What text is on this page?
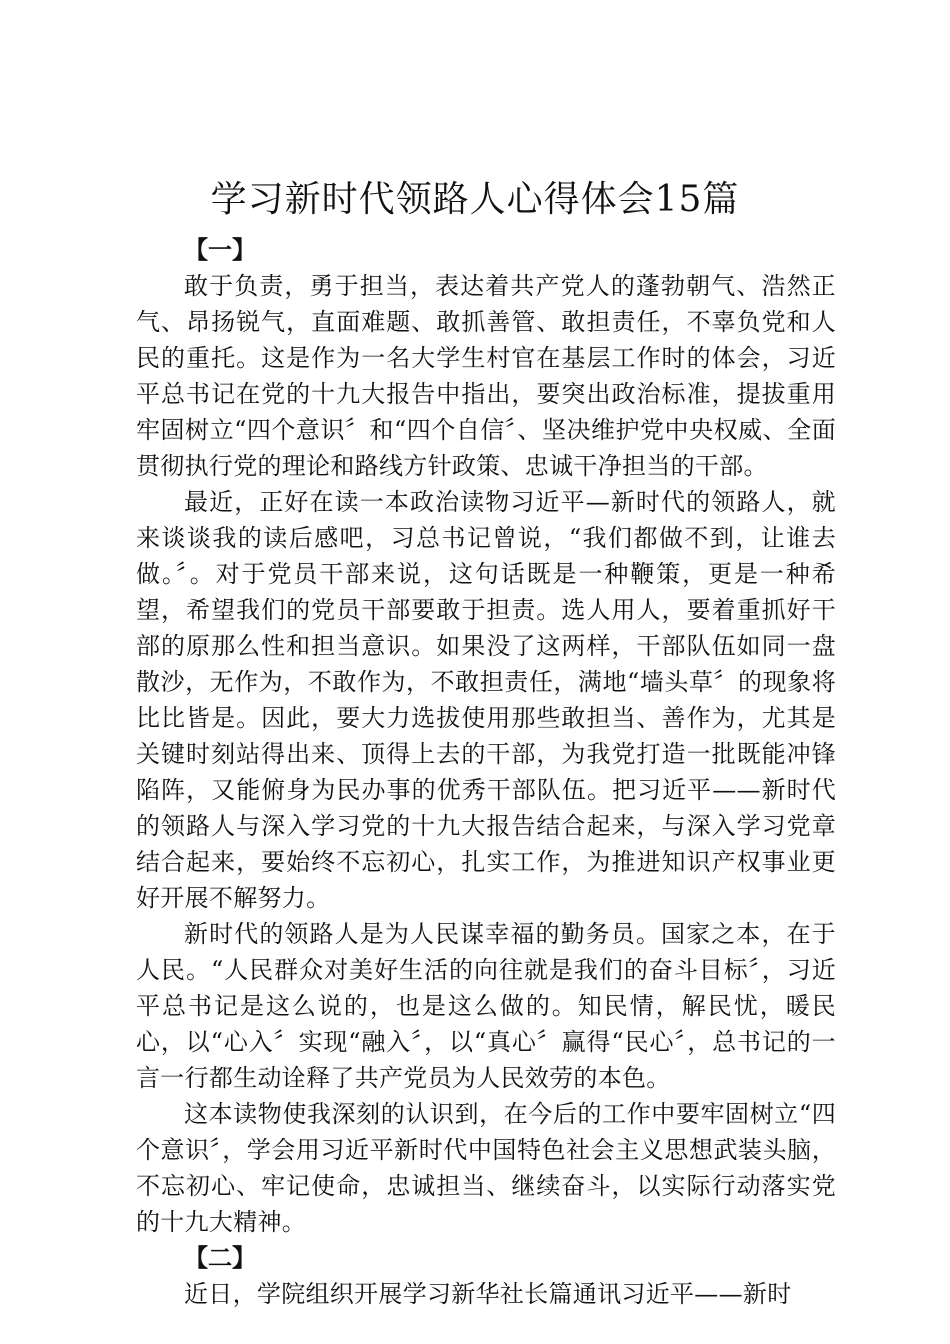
学习新时代领路人心得体会15篇

【一】

敢于负责，勇于担当，表达着共产党人的蓬勃朝气、浩然正气、昂扬锐气，直面难题、敢抓善管、敢担责任，不辜负党和人民的重托。这是作为一名大学生村官在基层工作时的体会，习近平总书记在党的十九大报告中指出，要突出政治标准，提拔重用牢固树立“四个意识〞和“四个自信〞、坚决维护党中央权威、全面贯彻执行党的理论和路线方针政策、忠诚干净担当的干部。

最近，正好在读一本政治读物习近平—新时代的领路人，就来谈谈我的读后感吧，习总书记曾说，“我们都做不到，让谁去做。〞。对于党员干部来说，这句话既是一种鞭策，更是一种希望，希望我们的党员干部要敢于担责。选人用人，要着重抓好干部的原那么性和担当意识。如果没了这两样，干部队伍如同一盘散沙，无作为，不敢作为，不敢担责任，满地“墙头草〞的现象将比比皆是。因此，要大力选拔使用那些敢担当、善作为，尤其是关键时刻站得出来、顶得上去的干部，为我党打造一批既能冲锋陷阵，又能俯身为民办事的优秀干部队伍。把习近平——新时代的领路人与深入学习党的十九大报告结合起来，与深入学习党章结合起来，要始终不忘初心，扎实工作，为推进知识产权事业更好开展不解努力。

新时代的领路人是为人民谋幸福的勤务员。国家之本，在于人民。“人民群众对美好生活的向往就是我们的奋斗目标〞，习近平总书记是这么说的，也是这么做的。知民情，解民忧，暖民心，以“心入〞实现“融入〞，以“真心〞赢得“民心〞，总书记的一言一行都生动诠释了共产党员为人民效劳的本色。

这本读物使我深刻的认识到，在今后的工作中要牢固树立“四个意识〞，学会用习近平新时代中国特色社会主义思想武装头脑，不忘初心、牢记使命，忠诚担当、继续奋斗，以实际行动落实党的十九大精神。

【二】

近日，学院组织开展学习新华社长篇通讯习近平——新时
